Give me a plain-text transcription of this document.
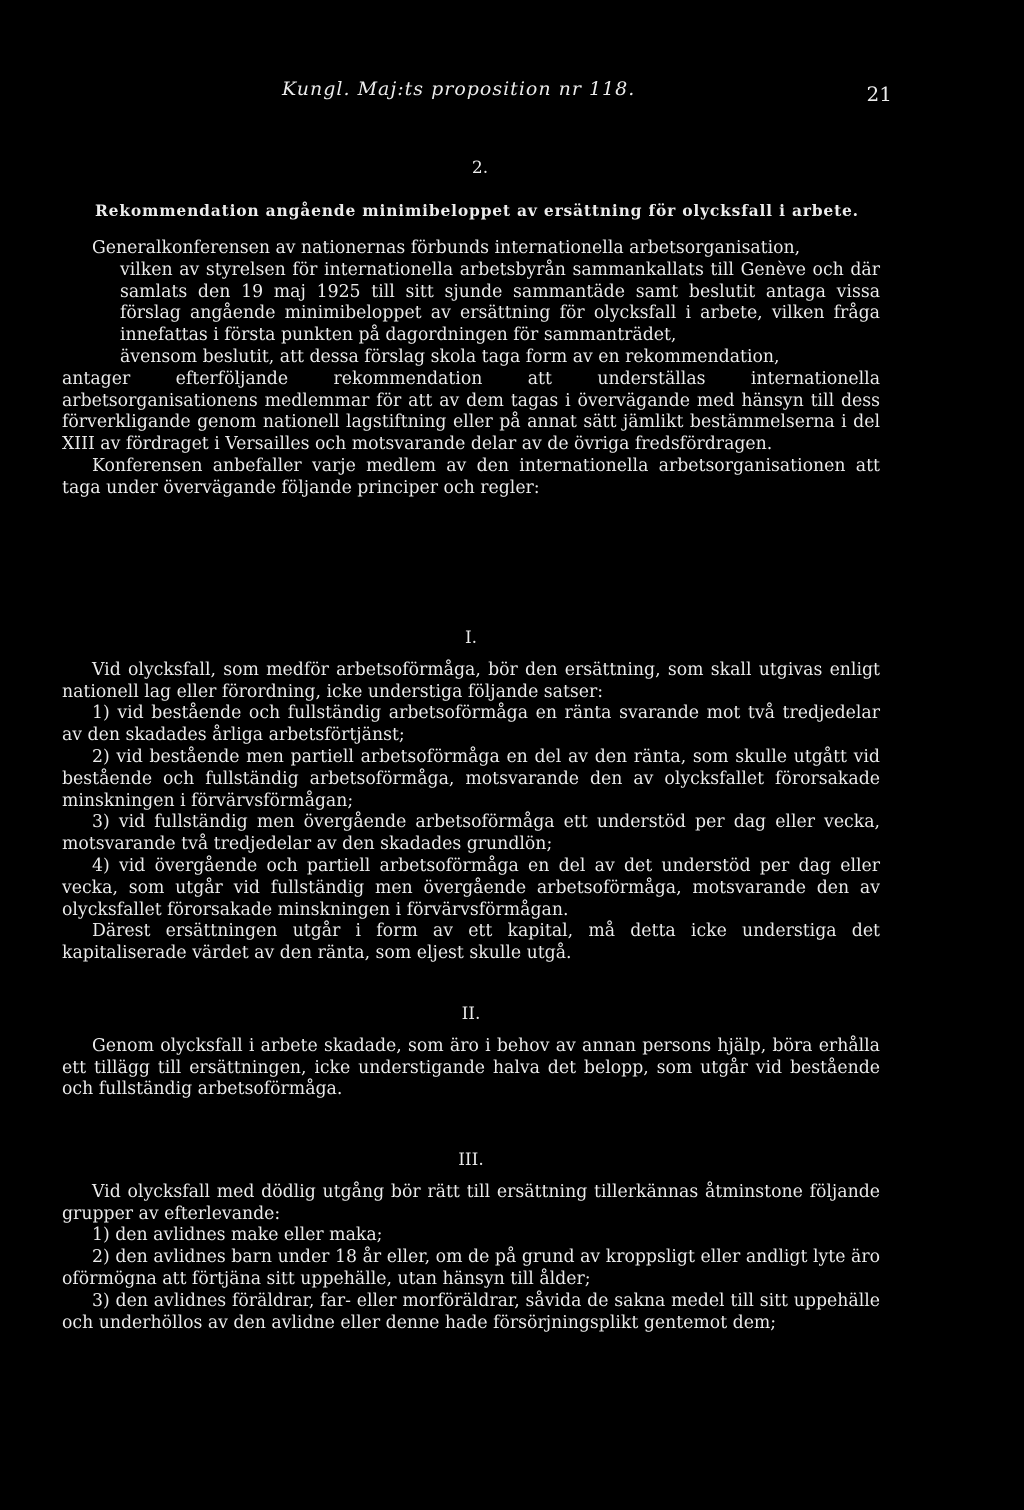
Kungl. Maj:ts proposition nr 118.	21
2.
Rekommendation angående minimibeloppet av ersättning för olycksfall i arbete.

Generalkonferensen av nationernas förbunds internationella arbetsorganisation,

vilken av styrelsen för internationella arbetsbyrån sammankallats till Genève och där samlats den 19 maj 1925 till sitt sjunde sammantäde samt beslutit antaga vissa förslag angående minimibeloppet av ersättning för olycksfall i arbete, vilken fråga innefattas i första punkten på dagordningen för sammanträdet,

ävensom beslutit, att dessa förslag skola taga form av en rekommendation,

antager efterföljande rekommendation att underställas internationella arbetsorganisationens medlemmar för att av dem tagas i övervägande med hänsyn till dess förverkligande genom nationell lagstiftning eller på annat sätt jämlikt bestämmelserna i del XIII av fördraget i Versailles och motsvarande delar av de övriga fredsfördragen.

Konferensen anbefaller varje medlem av den internationella arbetsorganisationen att taga under övervägande följande principer och regler:

I.

Vid olycksfall, som medför arbetsoförmåga, bör den ersättning, som skall utgivas enligt nationell lag eller förordning, icke understiga följande satser:

1) vid bestående och fullständig arbetsoförmåga en ränta svarande mot två tredjedelar av den skadades årliga arbetsförtjänst;

2) vid bestående men partiell arbetsoförmåga en del av den ränta, som skulle utgått vid bestående och fullständig arbetsoförmåga, motsvarande den av olycksfallet förorsakade minskningen i förvärvsförmågan;

3) vid fullständig men övergående arbetsoförmåga ett understöd per dag eller vecka, motsvarande två tredjedelar av den skadades grundlön;

4) vid övergående och partiell arbetsoförmåga en del av det understöd per dag eller vecka, som utgår vid fullständig men övergående arbetsoförmåga, motsvarande den av olycksfallet förorsakade minskningen i förvärvsförmågan.

Därest ersättningen utgår i form av ett kapital, må detta icke understiga det kapitaliserade värdet av den ränta, som eljest skulle utgå.

II.

Genom olycksfall i arbete skadade, som äro i behov av annan persons hjälp, böra erhålla ett tillägg till ersättningen, icke understigande halva det belopp, som utgår vid bestående och fullständig arbetsoförmåga.

III.

Vid olycksfall med dödlig utgång bör rätt till ersättning tillerkännas åtminstone följande grupper av efterlevande:

1) den avlidnes make eller maka;

2) den avlidnes barn under 18 år eller, om de på grund av kroppsligt eller andligt lyte äro oförmögna att förtjäna sitt uppehälle, utan hänsyn till ålder;

3) den avlidnes föräldrar, far- eller morföräldrar, såvida de sakna medel till sitt uppehälle och underhöllos av den avlidne eller denne hade försörjningsplikt gentemot dem;
